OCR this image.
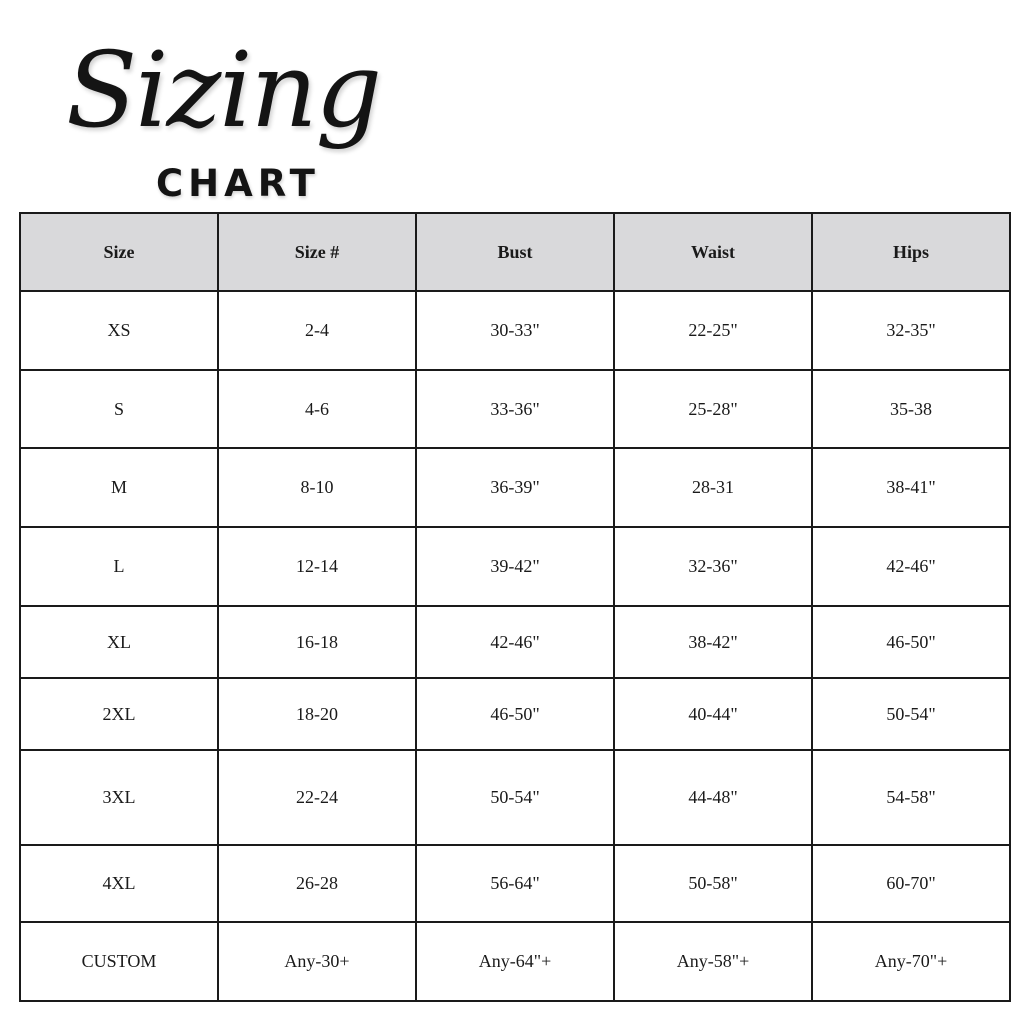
Sizing
CHART
Size	Size #	Bust	Waist	Hips
XS	2-4	30-33"	22-25"	32-35"
S	4-6	33-36"	25-28"	35-38
M	8-10	36-39"	28-31	38-41"
L	12-14	39-42"	32-36"	42-46"
XL	16-18	42-46"	38-42"	46-50"
2XL	18-20	46-50"	40-44"	50-54"
3XL	22-24	50-54"	44-48"	54-58"
4XL	26-28	56-64"	50-58"	60-70"
CUSTOM	Any-30+	Any-64"+	Any-58"+	Any-70"+
